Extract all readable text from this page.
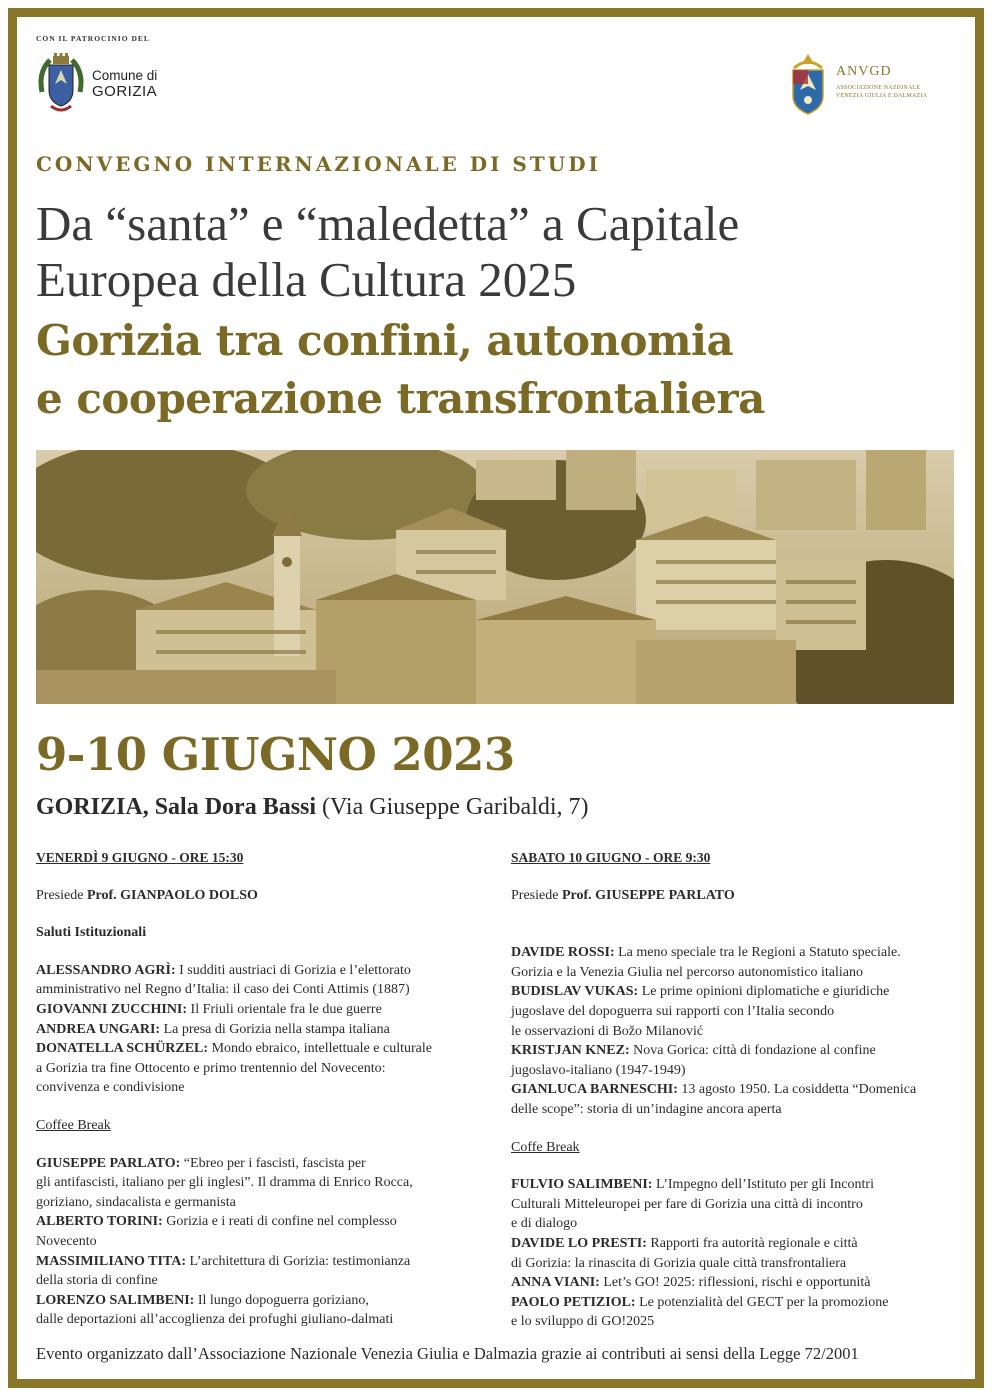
CON IL PATROCINIO DEL
Comune di
GORIZIA
ANVGD
ASSOCIAZIONE NAZIONALE
VENEZIA GIULIA E DALMAZIA
CONVEGNO INTERNAZIONALE DI STUDI
Da “santa” e “maledetta” a Capitale
Europea della Cultura 2025
Gorizia tra confini, autonomia
e cooperazione transfrontaliera
9-10 GIUGNO 2023
GORIZIA, Sala Dora Bassi (Via Giuseppe Garibaldi, 7)

VENERDÌ 9 GIUGNO - ORE 15:30

Presiede Prof. GIANPAOLO DOLSO

Saluti Istituzionali

ALESSANDRO AGRÌ: I sudditi austriaci di Gorizia e l’elettorato

amministrativo nel Regno d’Italia: il caso dei Conti Attimis (1887)

GIOVANNI ZUCCHINI: Il Friuli orientale fra le due guerre

ANDREA UNGARI: La presa di Gorizia nella stampa italiana

DONATELLA SCHÜRZEL: Mondo ebraico, intellettuale e culturale

a Gorizia tra fine Ottocento e primo trentennio del Novecento:

convivenza e condivisione

Coffee Break

GIUSEPPE PARLATO: “Ebreo per i fascisti, fascista per

gli antifascisti, italiano per gli inglesi”. Il dramma di Enrico Rocca,

goriziano, sindacalista e germanista

ALBERTO TORINI: Gorizia e i reati di confine nel complesso

Novecento

MASSIMILIANO TITA: L’architettura di Gorizia: testimonianza

della storia di confine

LORENZO SALIMBENI: Il lungo dopoguerra goriziano,

dalle deportazioni all’accoglienza dei profughi giuliano-dalmati

SABATO 10 GIUGNO - ORE 9:30

Presiede Prof. GIUSEPPE PARLATO

DAVIDE ROSSI: La meno speciale tra le Regioni a Statuto speciale.

Gorizia e la Venezia Giulia nel percorso autonomistico italiano

BUDISLAV VUKAS: Le prime opinioni diplomatiche e giuridiche

jugoslave del dopoguerra sui rapporti con l’Italia secondo

le osservazioni di Božo Milanović

KRISTJAN KNEZ: Nova Gorica: città di fondazione al confine

jugoslavo-italiano (1947-1949)

GIANLUCA BARNESCHI: 13 agosto 1950. La cosiddetta “Domenica

delle scope”: storia di un’indagine ancora aperta

Coffe Break

FULVIO SALIMBENI: L’Impegno dell’Istituto per gli Incontri

Culturali Mitteleuropei per fare di Gorizia una città di incontro

e di dialogo

DAVIDE LO PRESTI: Rapporti fra autorità regionale e città

di Gorizia: la rinascita di Gorizia quale città transfrontaliera

ANNA VIANI: Let’s GO! 2025: riflessioni, rischi e opportunità

PAOLO PETIZIOL: Le potenzialità del GECT per la promozione

e lo sviluppo di GO!2025

Evento organizzato dall’Associazione Nazionale Venezia Giulia e Dalmazia grazie ai contributi ai sensi della Legge 72/2001
